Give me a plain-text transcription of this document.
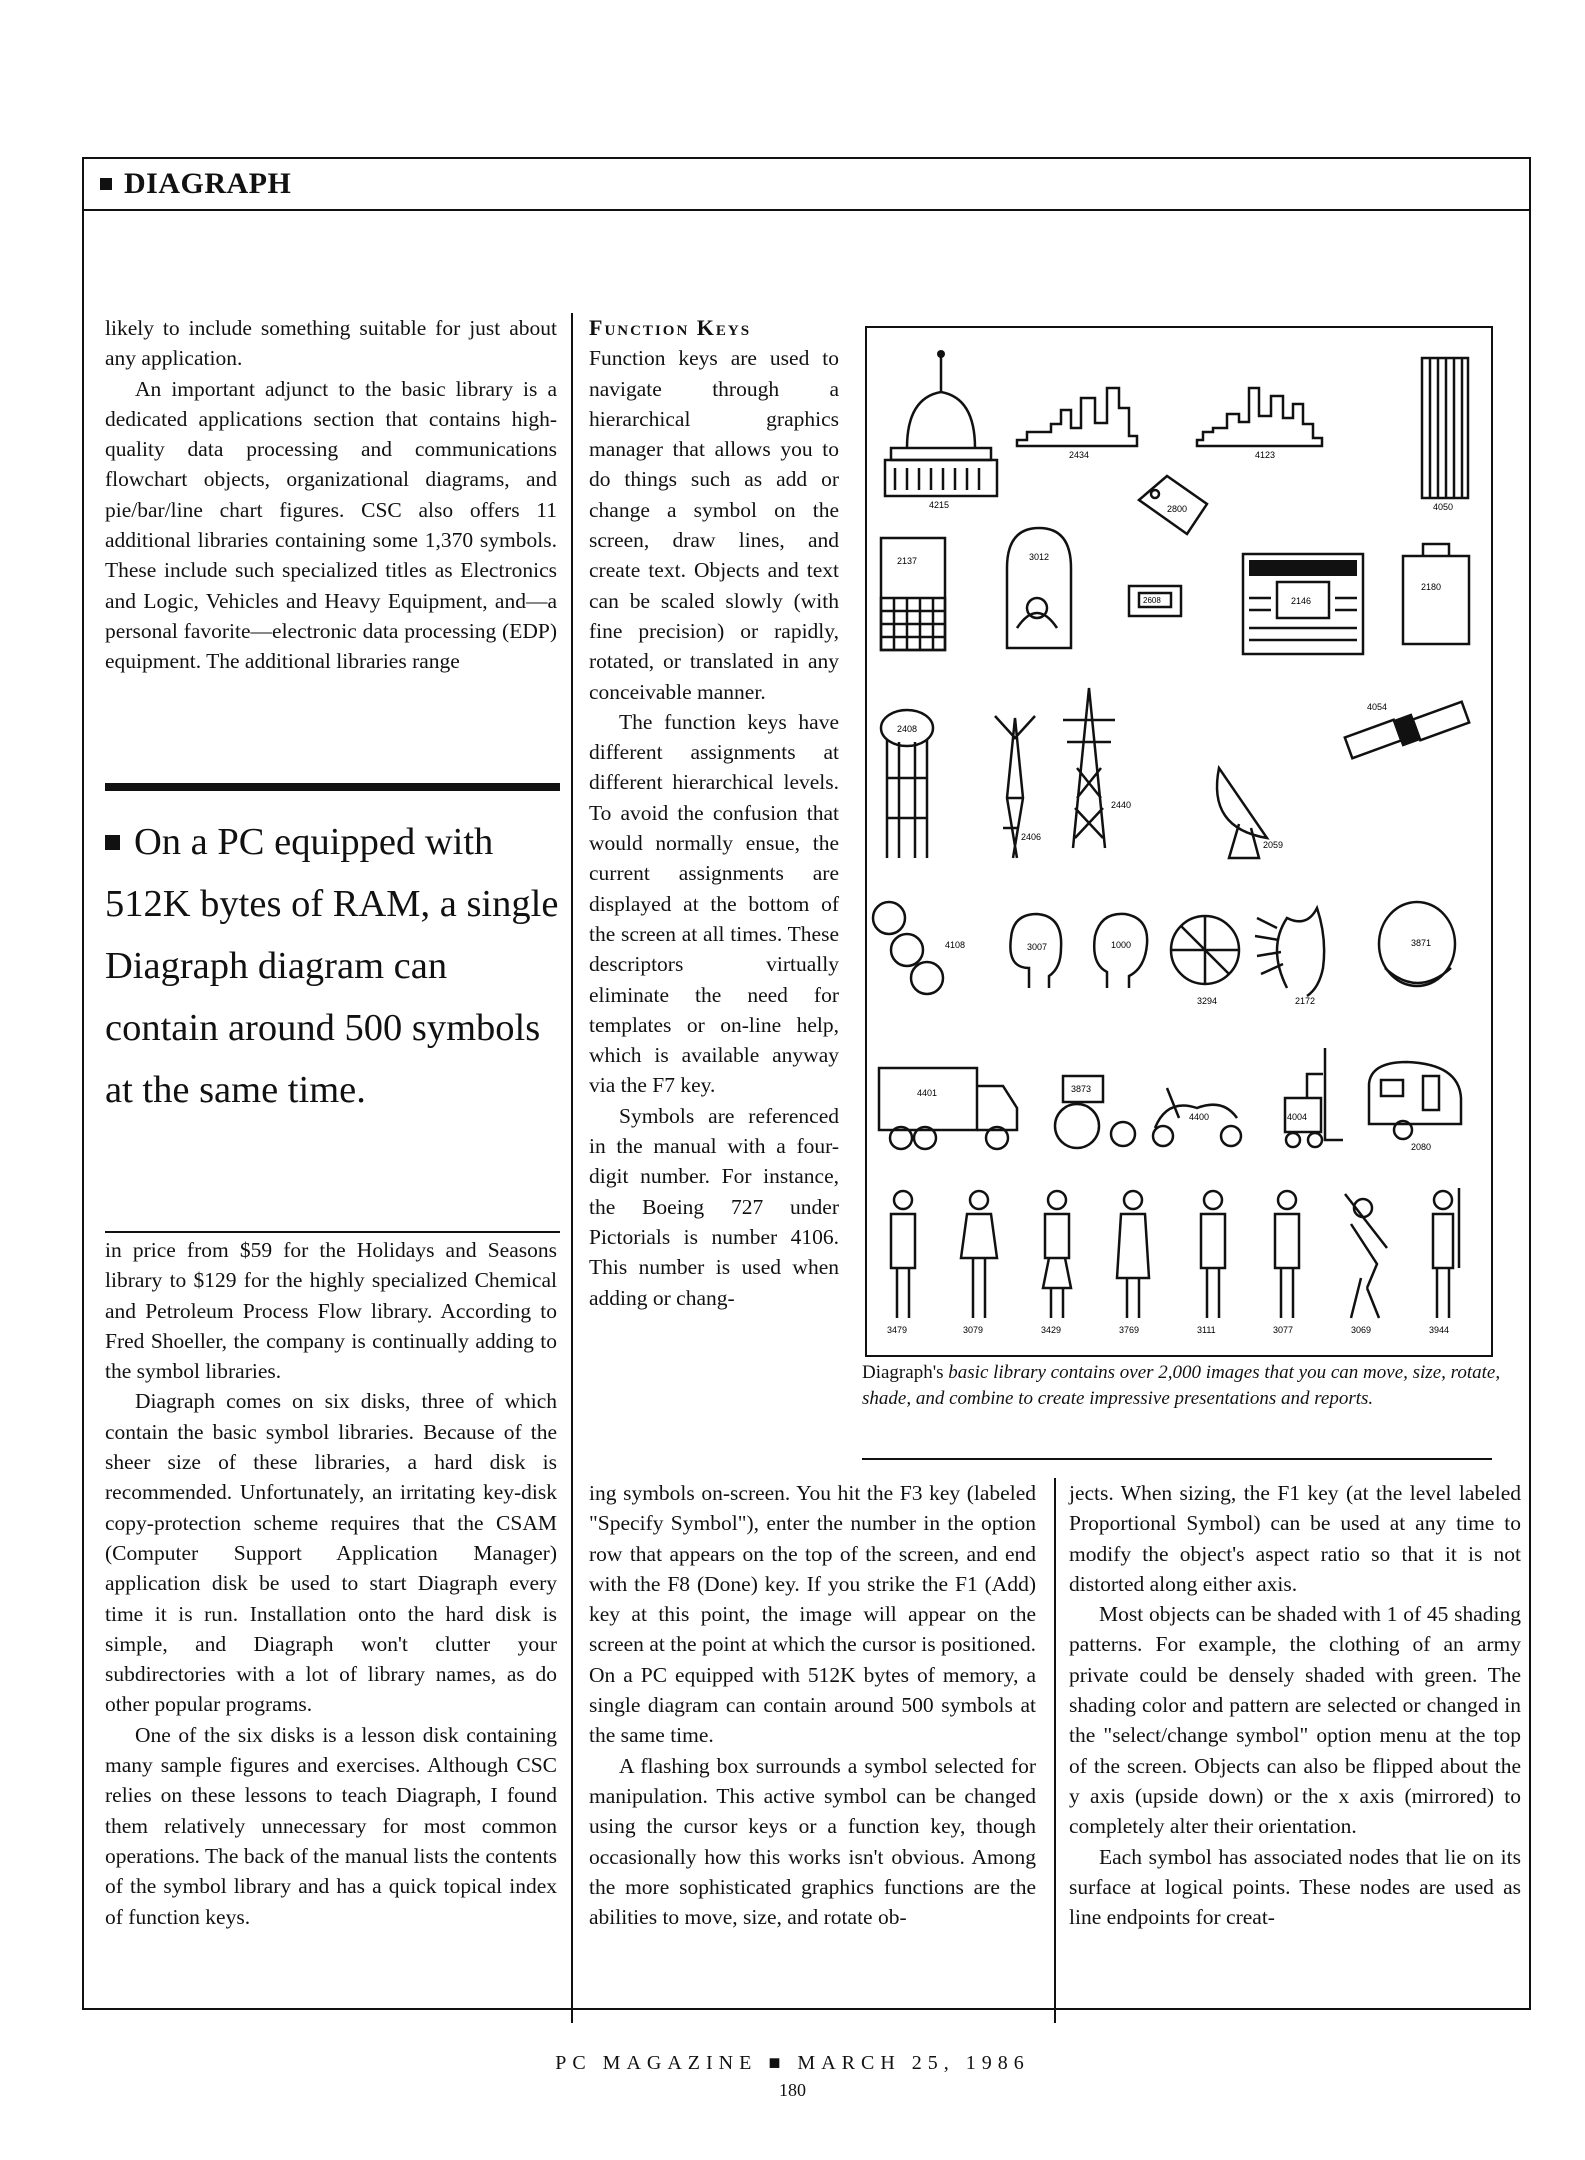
DIAGRAPH

likely to include something suitable for just about any application.

An important adjunct to the basic library is a dedicated applications section that contains high-quality data processing and communications flowchart objects, organizational diagrams, and pie/bar/line chart figures. CSC also offers 11 additional libraries containing some 1,370 symbols. These include such specialized titles as Electronics and Logic, Vehicles and Heavy Equipment, and—a personal favorite—electronic data processing (EDP) equipment. The additional libraries range

On a PC equipped with 512K bytes of RAM, a single Diagraph diagram can contain around 500 symbols at the same time.

in price from $59 for the Holidays and Seasons library to $129 for the highly specialized Chemical and Petroleum Process Flow library. According to Fred Shoeller, the company is continually adding to the symbol libraries.

Diagraph comes on six disks, three of which contain the basic symbol libraries. Because of the sheer size of these libraries, a hard disk is recommended. Unfortunately, an irritating key-disk copy-protection scheme requires that the CSAM (Computer Support Application Manager) application disk be used to start Diagraph every time it is run. Installation onto the hard disk is simple, and Diagraph won't clutter your subdirectories with a lot of library names, as do other popular programs.

One of the six disks is a lesson disk containing many sample figures and exercises. Although CSC relies on these lessons to teach Diagraph, I found them relatively unnecessary for most common operations. The back of the manual lists the contents of the symbol library and has a quick topical index of function keys.

Function Keys

Function keys are used to navigate through a hierarchical graphics manager that allows you to do things such as add or change a symbol on the screen, draw lines, and create text. Objects and text can be scaled slowly (with fine precision) or rapidly, rotated, or translated in any conceivable manner.

The function keys have different assignments at different hierarchical levels. To avoid the confusion that would normally ensue, the current assignments are displayed at the bottom of the screen at all times. These descriptors virtually eliminate the need for templates or on-line help, which is available anyway via the F7 key.

Symbols are referenced in the manual with a four-digit number. For instance, the Boeing 727 under Pictorials is number 4106. This number is used when adding or chang-

ing symbols on-screen. You hit the F3 key (labeled "Specify Symbol"), enter the number in the option row that appears on the top of the screen, and end with the F8 (Done) key. If you strike the F1 (Add) key at this point, the image will appear on the screen at the point at which the cursor is positioned. On a PC equipped with 512K bytes of memory, a single diagram can contain around 500 symbols at the same time.

A flashing box surrounds a symbol selected for manipulation. This active symbol can be changed using the cursor keys or a function key, though occasionally how this works isn't obvious. Among the more sophisticated graphics functions are the abilities to move, size, and rotate ob-

jects. When sizing, the F1 key (at the level labeled Proportional Symbol) can be used at any time to modify the object's aspect ratio so that it is not distorted along either axis.

Most objects can be shaded with 1 of 45 shading patterns. For example, the clothing of an army private could be densely shaded with green. The shading color and pattern are selected or changed in the "select/change symbol" option menu at the top of the screen. Objects can also be flipped about the y axis (upside down) or the x axis (mirrored) to completely alter their orientation.

Each symbol has associated nodes that lie on its surface at logical points. These nodes are used as line endpoints for creat-

4215
2434	4123
4050
2800
2137	3012
2608	2146
2180
2408
2406
2440
2059
4054
4108	3007	1000
3294	2172
3871
4401	3873
4400	4004
2080
3479	3079	3429	3769	3111	3077	3069	3944
Diagraph's basic library contains over 2,000 images that you can move, size, rotate, shade, and combine to create impressive presentations and reports.
PC MAGAZINE ■ MARCH 25, 1986
180
